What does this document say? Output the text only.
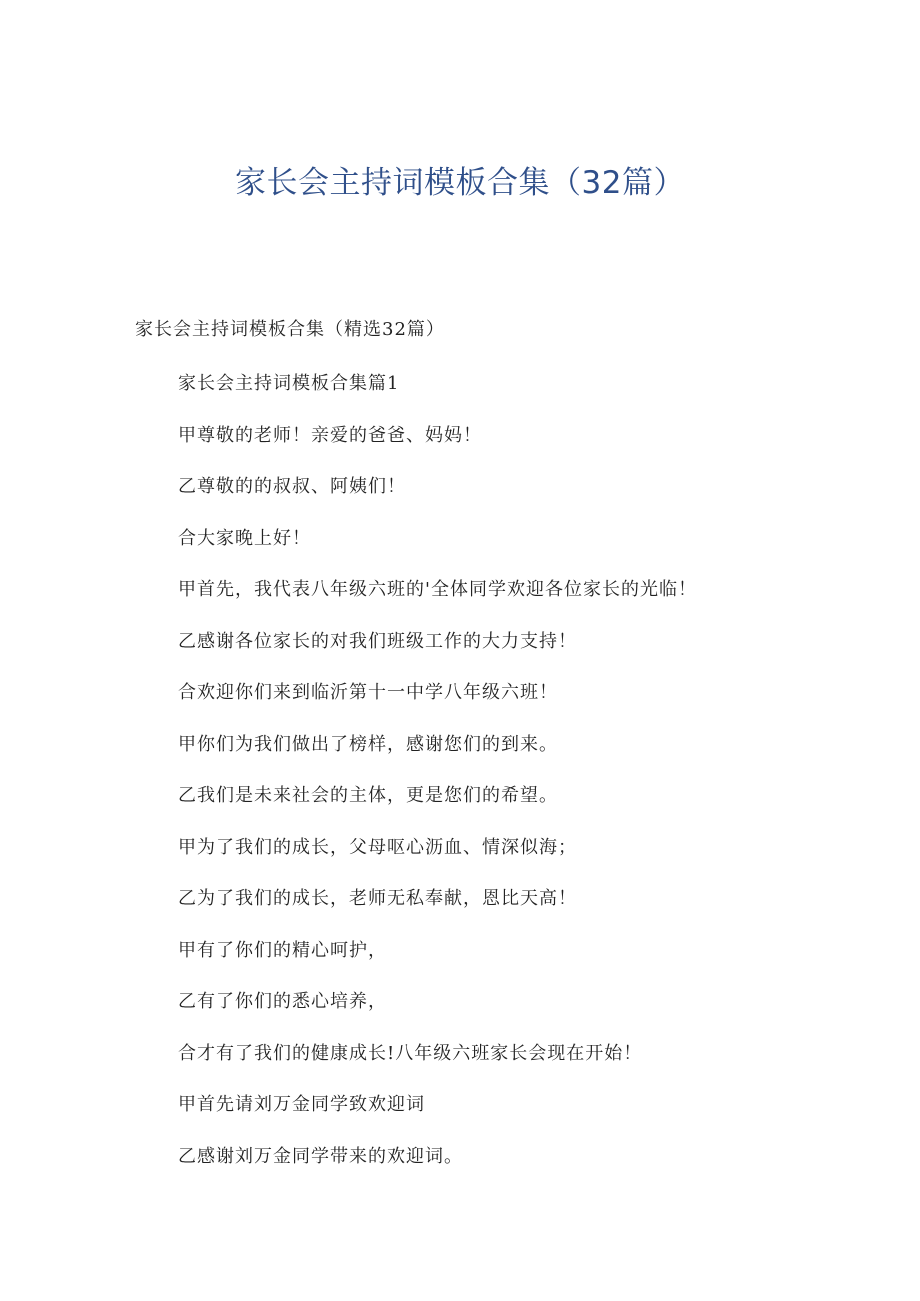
家长会主持词模板合集（32篇）
家长会主持词模板合集（精选32篇）
家长会主持词模板合集篇1
甲尊敬的老师！亲爱的爸爸、妈妈！
乙尊敬的的叔叔、阿姨们！
合大家晚上好！
甲首先，我代表八年级六班的'全体同学欢迎各位家长的光临！
乙感谢各位家长的对我们班级工作的大力支持！
合欢迎你们来到临沂第十一中学八年级六班！
甲你们为我们做出了榜样，感谢您们的到来。
乙我们是未来社会的主体，更是您们的希望。
甲为了我们的成长，父母呕心沥血、情深似海；
乙为了我们的成长，老师无私奉献，恩比天高！
甲有了你们的精心呵护，
乙有了你们的悉心培养，
合才有了我们的健康成长!八年级六班家长会现在开始！
甲首先请刘万金同学致欢迎词
乙感谢刘万金同学带来的欢迎词。
